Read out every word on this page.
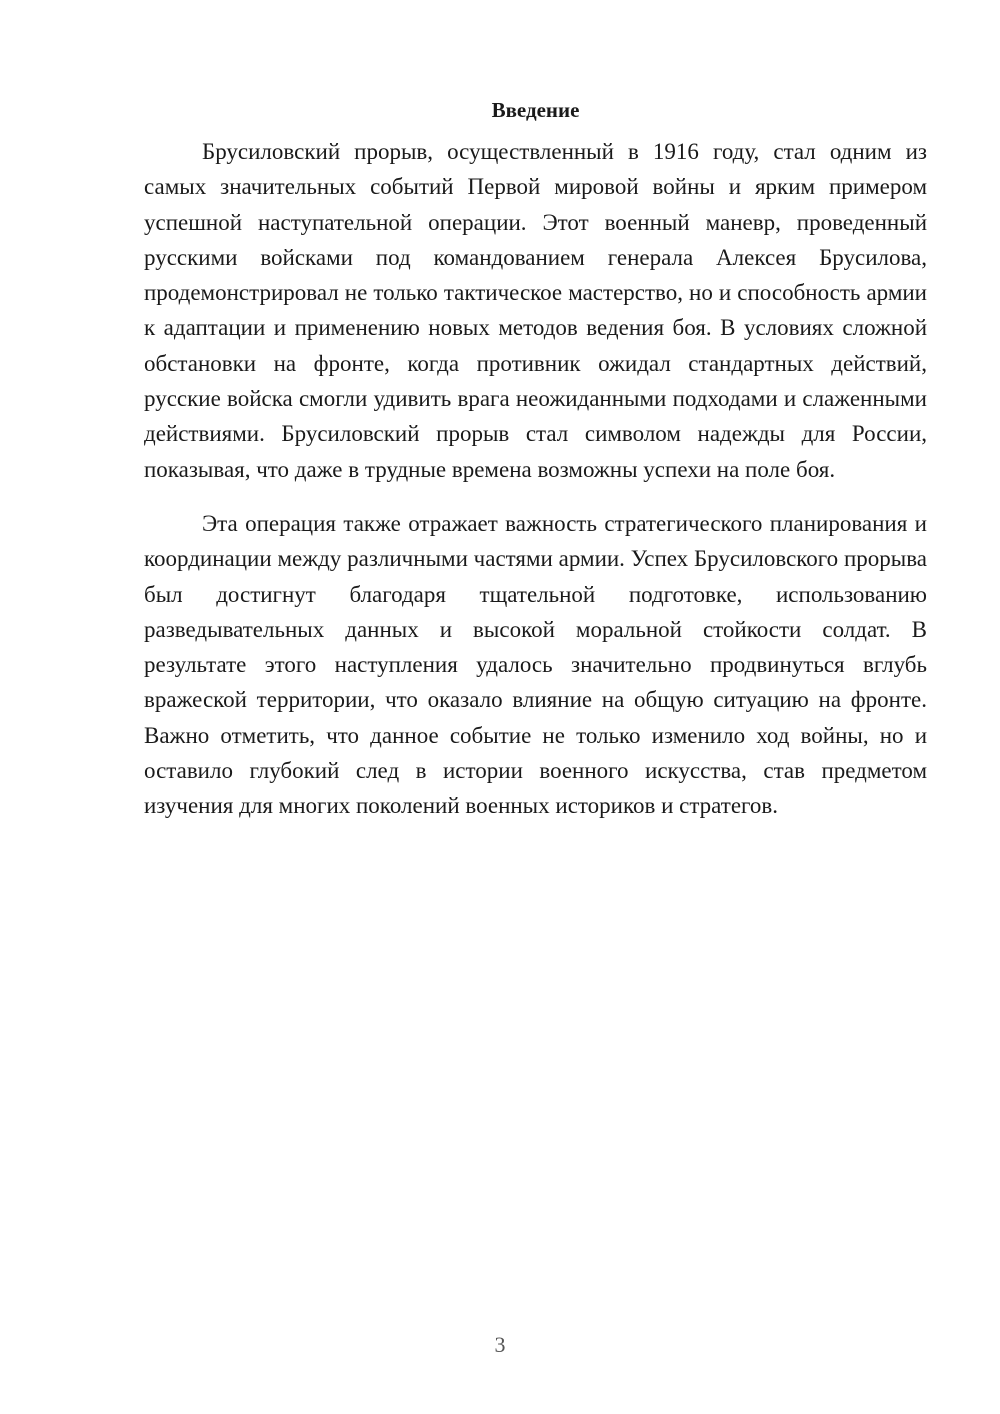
Введение

Брусиловский прорыв, осуществленный в 1916 году, стал одним из самых значительных событий Первой мировой войны и ярким примером успешной наступательной операции. Этот военный маневр, проведенный русскими войсками под командованием генерала Алексея Брусилова, продемонстрировал не только тактическое мастерство, но и способность армии к адаптации и применению новых методов ведения боя. В условиях сложной обстановки на фронте, когда противник ожидал стандартных действий, русские войска смогли удивить врага неожиданными подходами и слаженными действиями. Брусиловский прорыв стал символом надежды для России, показывая, что даже в трудные времена возможны успехи на поле боя.

Эта операция также отражает важность стратегического планирования и координации между различными частями армии. Успех Брусиловского прорыва был достигнут благодаря тщательной подготовке, использованию разведывательных данных и высокой моральной стойкости солдат. В результате этого наступления удалось значительно продвинуться вглубь вражеской территории, что оказало влияние на общую ситуацию на фронте. Важно отметить, что данное событие не только изменило ход войны, но и оставило глубокий след в истории военного искусства, став предметом изучения для многих поколений военных историков и стратегов.

3
